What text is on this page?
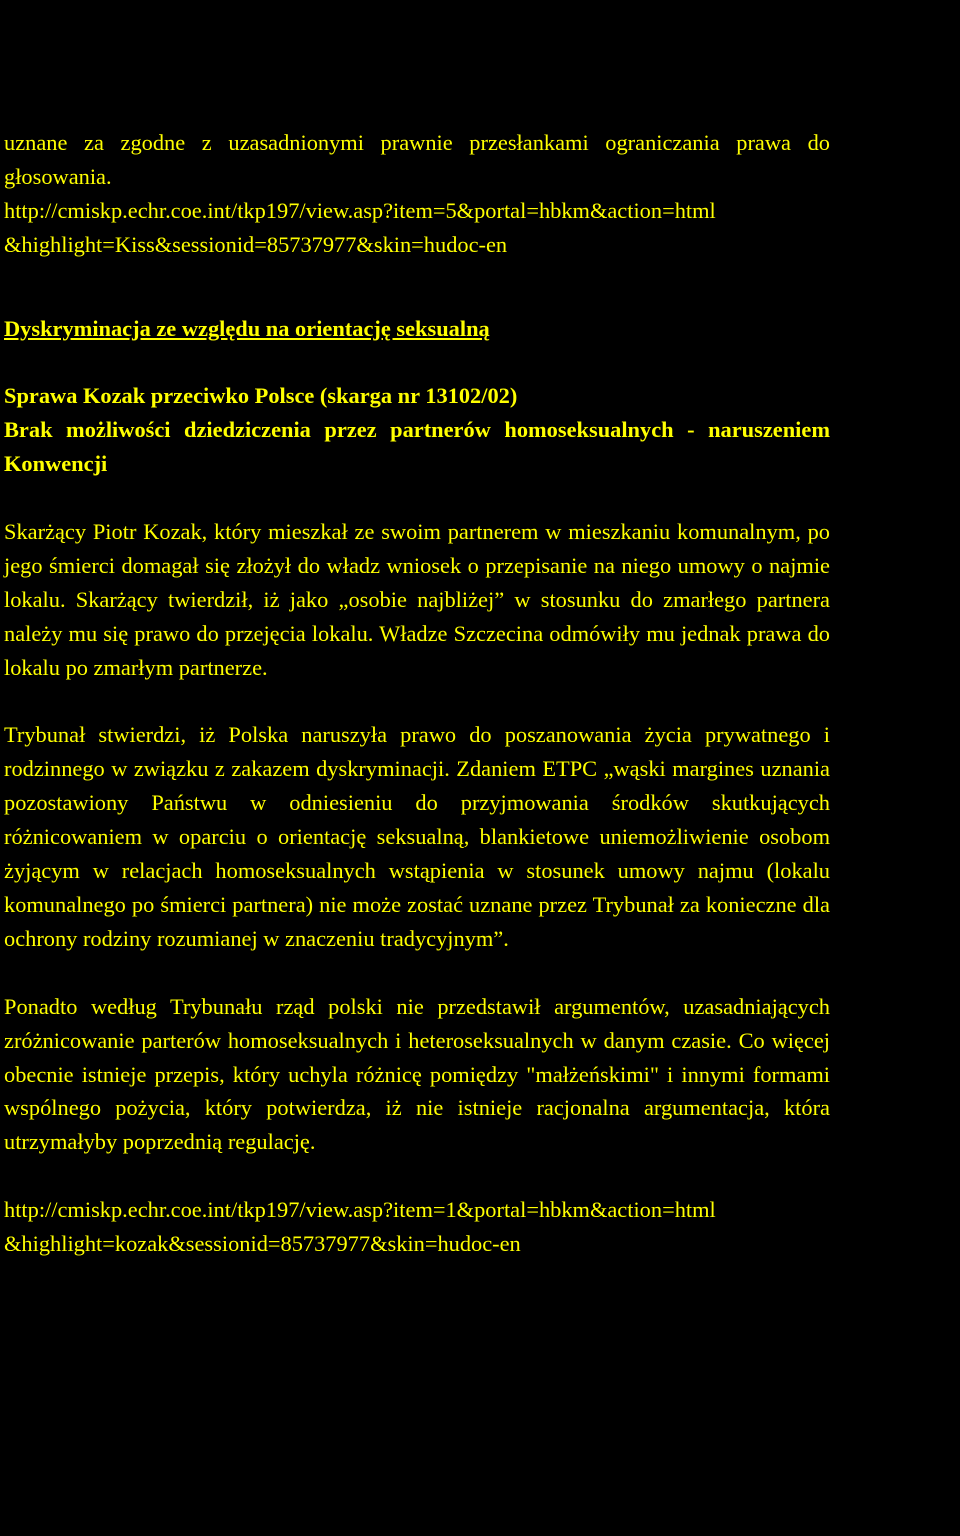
uznane za zgodne z uzasadnionymi prawnie przesłankami ograniczania prawa do głosowania.

http://cmiskp.echr.coe.int/tkp197/view.asp?item=5&portal=hbkm&action=html
&highlight=Kiss&sessionid=85737977&skin=hudoc-en
Dyskryminacja ze względu na orientację seksualną
Sprawa Kozak przeciwko Polsce (skarga nr 13102/02)
Brak możliwości dziedziczenia przez partnerów homoseksualnych - naruszeniem Konwencji

Skarżący Piotr Kozak, który mieszkał ze swoim partnerem w mieszkaniu komunalnym, po jego śmierci domagał się złożył do władz wniosek o przepisanie na niego umowy o najmie lokalu. Skarżący twierdził, iż jako „osobie najbliżej” w stosunku do zmarłego partnera należy mu się prawo do przejęcia lokalu. Władze Szczecina odmówiły mu jednak prawa do lokalu po zmarłym partnerze.

Trybunał stwierdzi, iż Polska naruszyła prawo do poszanowania życia prywatnego i rodzinnego w związku z zakazem dyskryminacji. Zdaniem ETPC „wąski margines uznania pozostawiony Państwu w odniesieniu do przyjmowania środków skutkujących różnicowaniem w oparciu o orientację seksualną, blankietowe uniemożliwienie osobom żyjącym w relacjach homoseksualnych wstąpienia w stosunek umowy najmu (lokalu komunalnego po śmierci partnera) nie może zostać uznane przez Trybunał za konieczne dla ochrony rodziny rozumianej w znaczeniu tradycyjnym”.

Ponadto według Trybunału rząd polski nie przedstawił argumentów, uzasadniających zróżnicowanie parterów homoseksualnych i heteroseksualnych w danym czasie. Co więcej obecnie istnieje przepis, który uchyla różnicę pomiędzy "małżeńskimi" i innymi formami wspólnego pożycia, który potwierdza, iż nie istnieje racjonalna argumentacja, która utrzymałyby poprzednią regulację.

http://cmiskp.echr.coe.int/tkp197/view.asp?item=1&portal=hbkm&action=html
&highlight=kozak&sessionid=85737977&skin=hudoc-en
